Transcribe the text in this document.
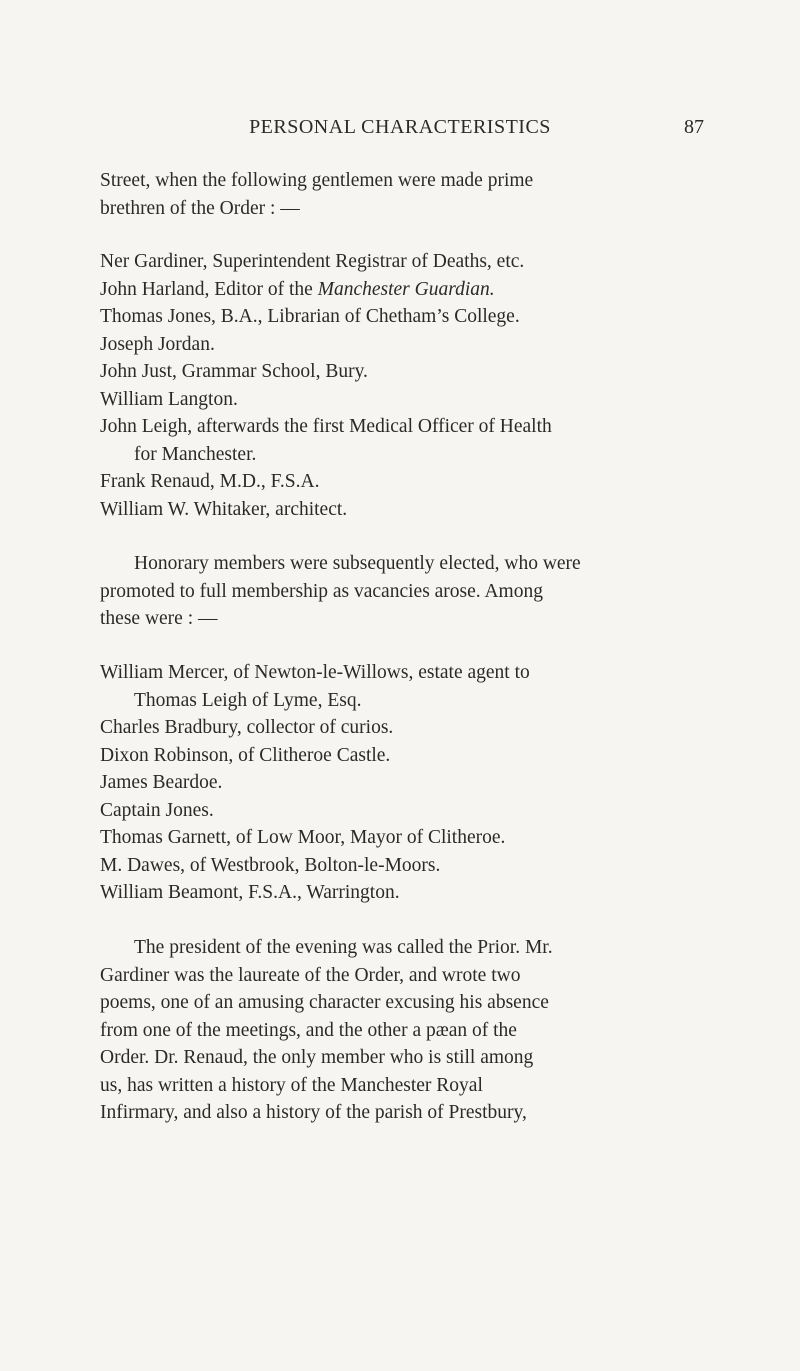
PERSONAL CHARACTERISTICS	87
Street, when the following gentlemen were made prime
brethren of the Order : —
Ner Gardiner, Superintendent Registrar of Deaths, etc.
John Harland, Editor of the Manchester Guardian.
Thomas Jones, B.A., Librarian of Chetham’s College.
Joseph Jordan.
John Just, Grammar School, Bury.
William Langton.
John Leigh, afterwards the first Medical Officer of Health
for Manchester.
Frank Renaud, M.D., F.S.A.
William W. Whitaker, architect.
Honorary members were subsequently elected, who were
promoted to full membership as vacancies arose. Among
these were : —
William Mercer, of Newton-le-Willows, estate agent to
Thomas Leigh of Lyme, Esq.
Charles Bradbury, collector of curios.
Dixon Robinson, of Clitheroe Castle.
James Beardoe.
Captain Jones.
Thomas Garnett, of Low Moor, Mayor of Clitheroe.
M. Dawes, of Westbrook, Bolton-le-Moors.
William Beamont, F.S.A., Warrington.
The president of the evening was called the Prior. Mr.
Gardiner was the laureate of the Order, and wrote two
poems, one of an amusing character excusing his absence
from one of the meetings, and the other a pæan of the
Order. Dr. Renaud, the only member who is still among
us, has written a history of the Manchester Royal
Infirmary, and also a history of the parish of Prestbury,
